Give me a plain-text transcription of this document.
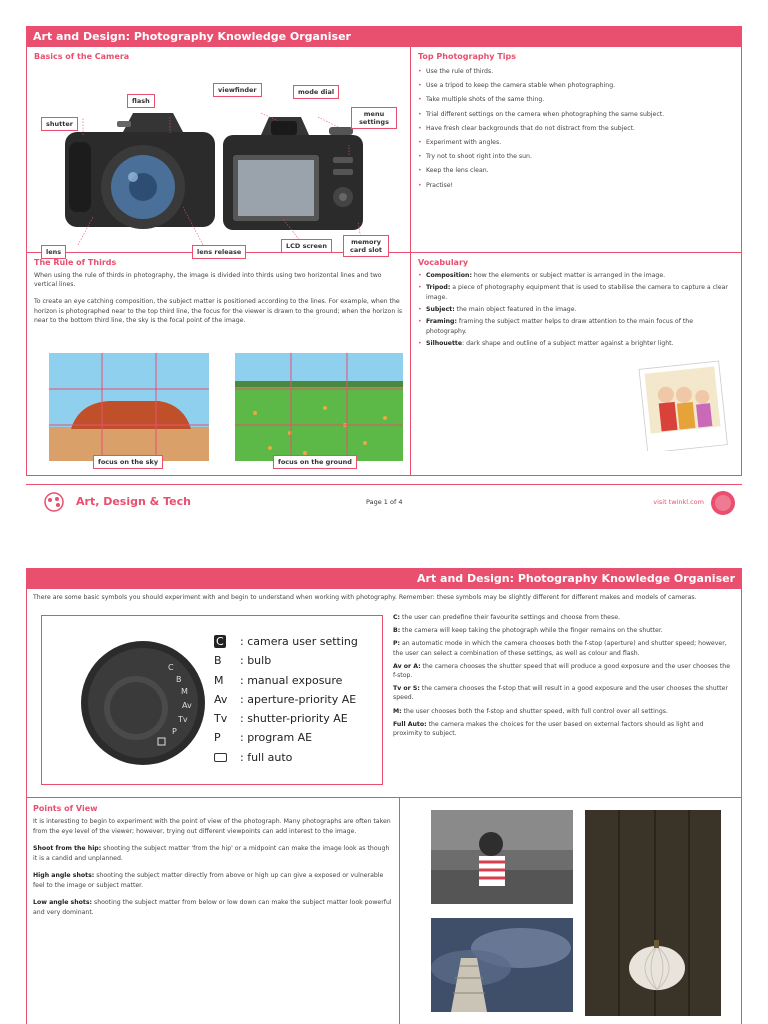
Art and Design: Photography Knowledge Organiser
Basics of the Camera
shutter
flash
viewfinder	mode dial
menu settings
lens	lens release
LCD screen	memory card slot
Top Photography Tips
• Use the rule of thirds.
• Use a tripod to keep the camera stable when photographing.
• Take multiple shots of the same thing.
• Trial different settings on the camera when photographing the same subject.
• Have fresh clear backgrounds that do not distract from the subject.
• Experiment with angles.
• Try not to shoot right into the sun.
• Keep the lens clean.
• Practise!
The Rule of Thirds

When using the rule of thirds in photography, the image is divided into thirds using two horizontal lines and two vertical lines.

To create an eye catching composition, the subject matter is positioned according to the lines. For example, when the horizon is photographed near to the top third line, the focus for the viewer is drawn to the ground; when the horizon is near to the bottom third line, the sky is the focal point of the image.

focus on the sky	focus on the ground
Vocabulary
• Composition: how the elements or subject matter is arranged in the image.
• Tripod: a piece of photography equipment that is used to stabilise the camera to capture a clear image.
• Subject: the main object featured in the image.
• Framing: framing the subject matter helps to draw attention to the main focus of the photography.
• Silhouette: dark shape and outline of a subject matter against a brighter light.
Art, Design & Tech	Page 1 of 4	visit twinkl.com
Art and Design: Photography Knowledge Organiser

There are some basic symbols you should experiment with and begin to understand when working with photography. Remember: these symbols may be slightly different for different makes and models of cameras.

C
B
M
Av
Tv
P
C : camera user setting
B : bulb
M : manual exposure
Av : aperture-priority AE
Tv : shutter-priority AE
P : program AE
: full auto

C: the user can predefine their favourite settings and choose from these.

B: the camera will keep taking the photograph while the finger remains on the shutter.

P: an automatic mode in which the camera chooses both the f-stop (aperture) and shutter speed; however, the user can select a combination of these settings, as well as colour and flash.

Av or A: the camera chooses the shutter speed that will produce a good exposure and the user chooses the f-stop.

Tv or S: the camera chooses the f-stop that will result in a good exposure and the user chooses the shutter speed.

M: the user chooses both the f-stop and shutter speed, with full control over all settings.

Full Auto: the camera makes the choices for the user based on external factors should as light and proximity to subject.

Points of View

It is interesting to begin to experiment with the point of view of the photograph. Many photographs are often taken from the eye level of the viewer; however, trying out different viewpoints can add interest to the image.

Shoot from the hip: shooting the subject matter 'from the hip' or a midpoint can make the image look as though it is a candid and unplanned.

High angle shots: shooting the subject matter directly from above or high up can give a exposed or vulnerable feel to the image or subject matter.

Low angle shots: shooting the subject matter from below or low down can make the subject matter look powerful and very dominant.
